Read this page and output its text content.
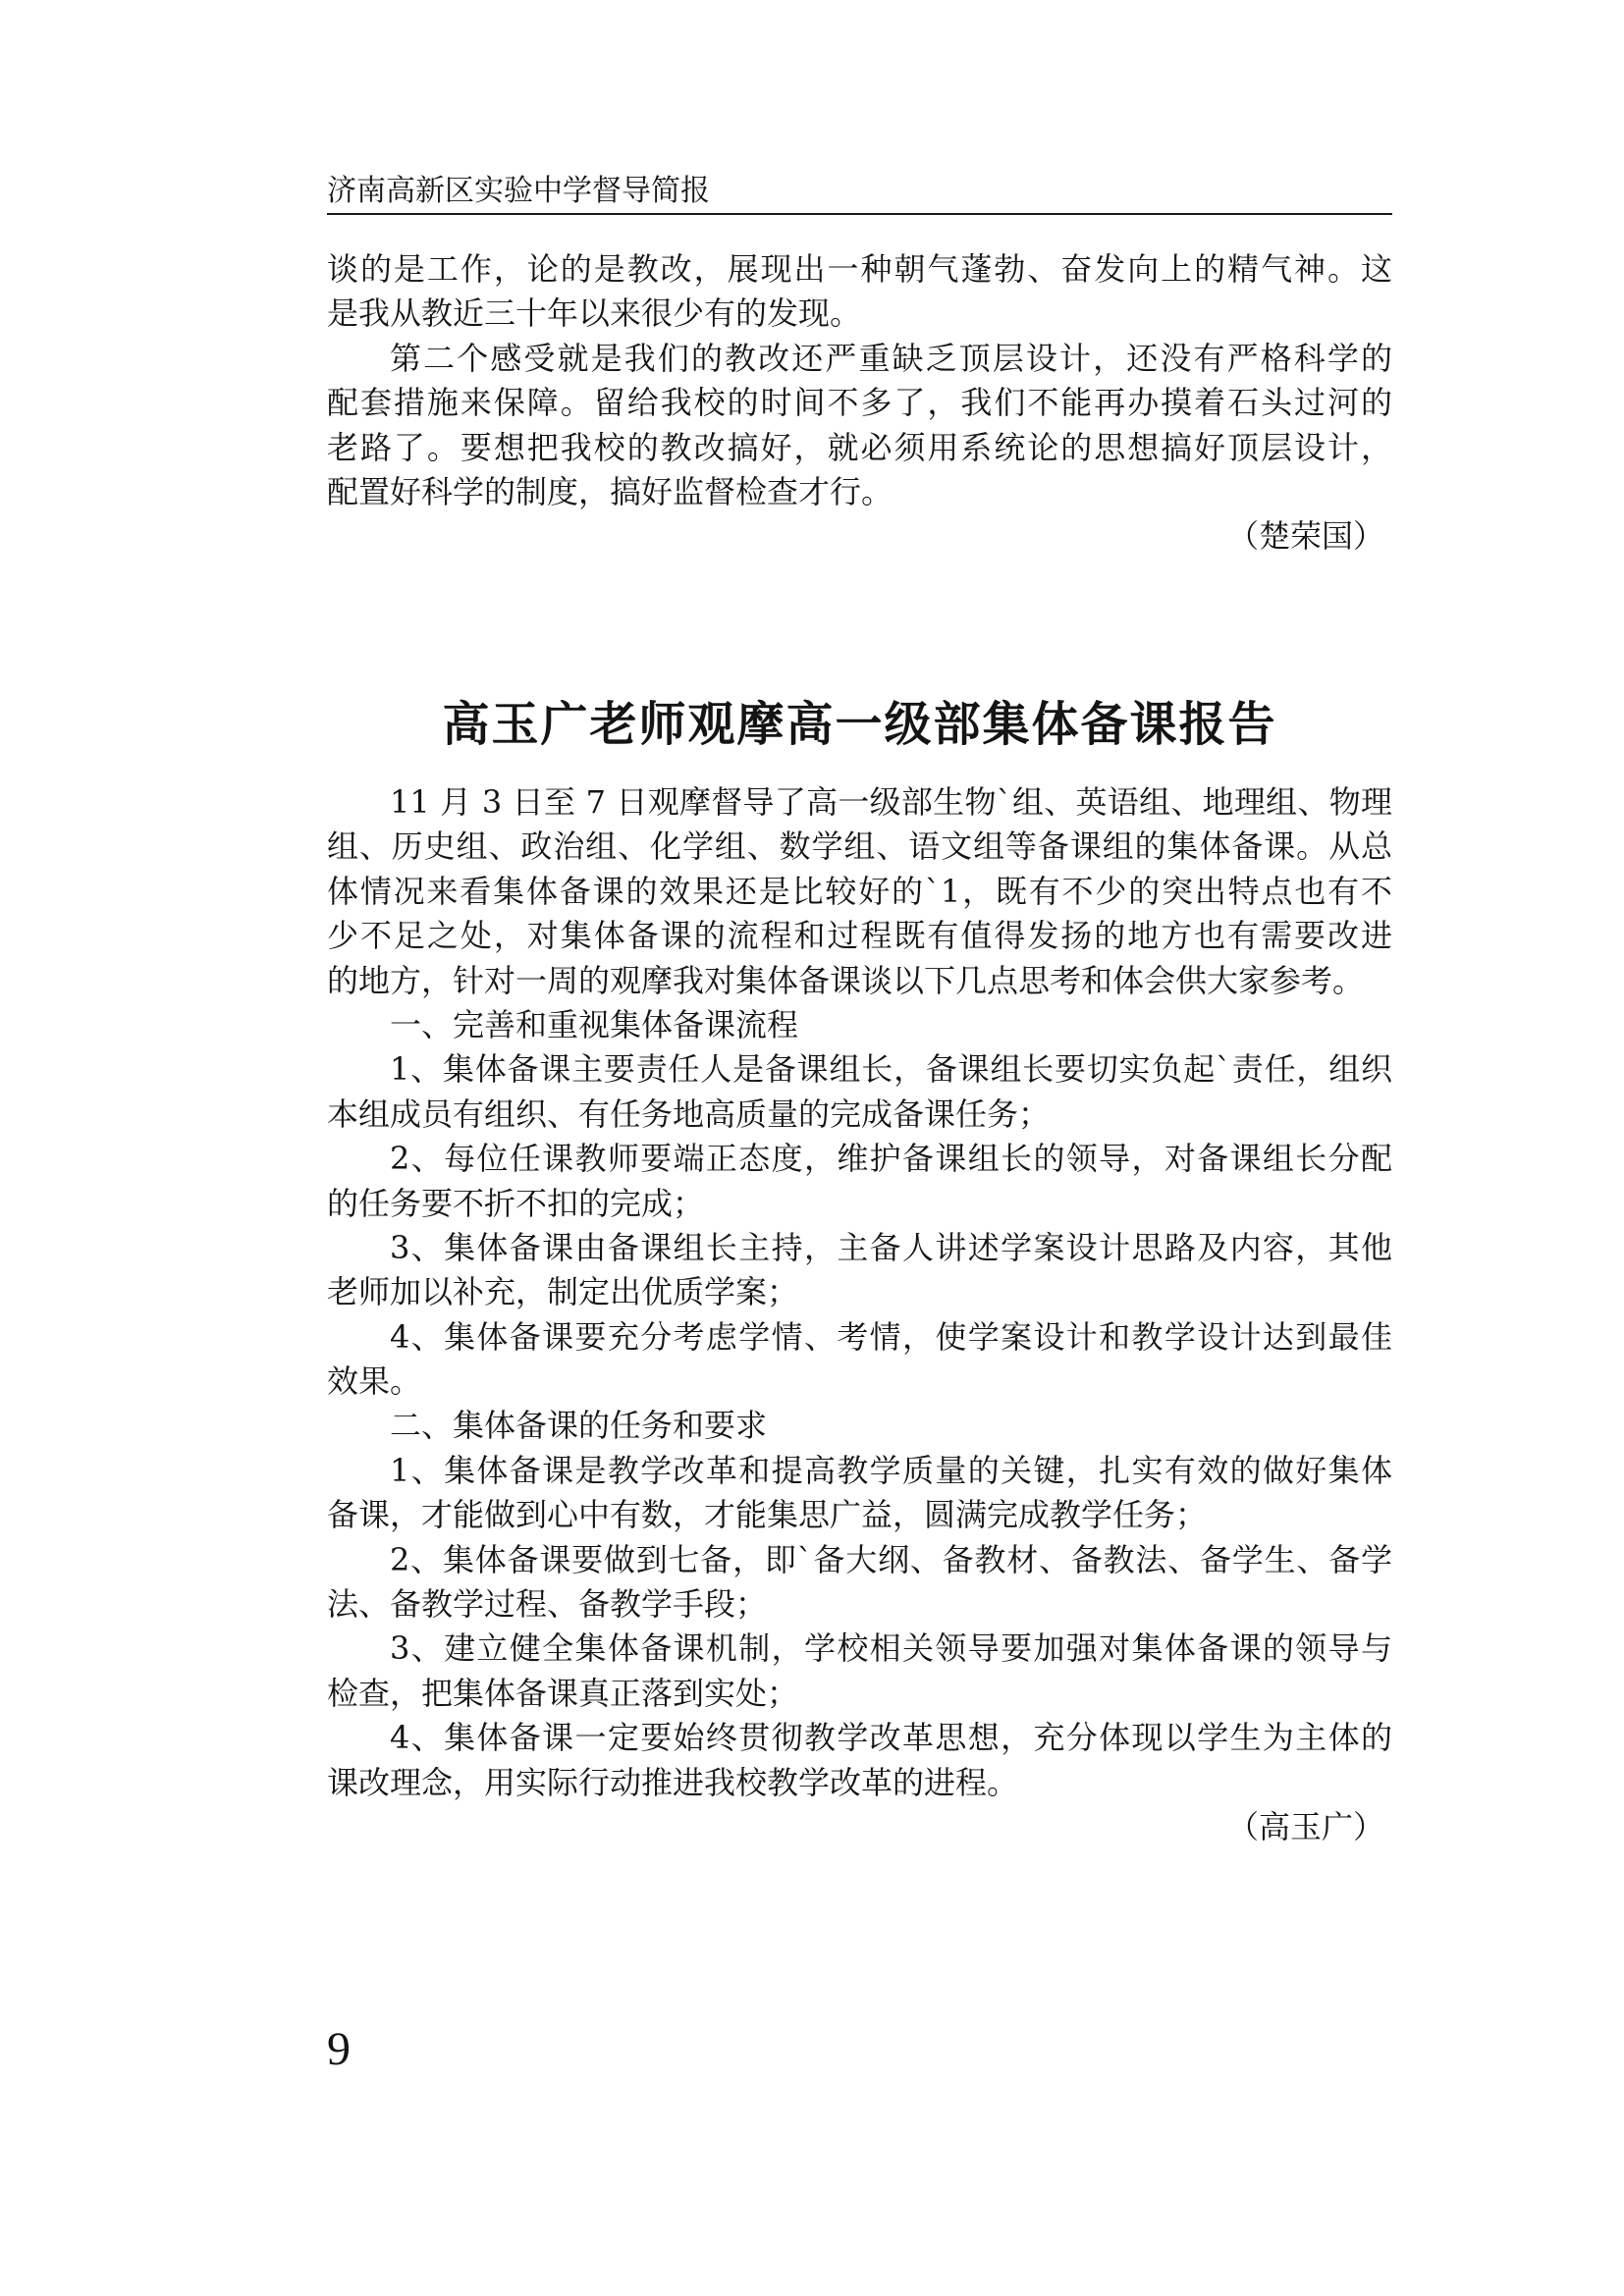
济南高新区实验中学督导简报
谈的是工作，论的是教改，展现出一种朝气蓬勃、奋发向上的精气神。这
是我从教近三十年以来很少有的发现。
第二个感受就是我们的教改还严重缺乏顶层设计，还没有严格科学的
配套措施来保障。留给我校的时间不多了，我们不能再办摸着石头过河的
老路了。要想把我校的教改搞好，就必须用系统论的思想搞好顶层设计，
配置好科学的制度，搞好监督检查才行。
（楚荣国）
高玉广老师观摩高一级部集体备课报告
11 月 3 日至 7 日观摩督导了高一级部生物`组、英语组、地理组、物理
组、历史组、政治组、化学组、数学组、语文组等备课组的集体备课。从总
体情况来看集体备课的效果还是比较好的`1，既有不少的突出特点也有不
少不足之处，对集体备课的流程和过程既有值得发扬的地方也有需要改进
的地方，针对一周的观摩我对集体备课谈以下几点思考和体会供大家参考。
一、完善和重视集体备课流程
1、集体备课主要责任人是备课组长，备课组长要切实负起`责任，组织
本组成员有组织、有任务地高质量的完成备课任务；
2、每位任课教师要端正态度，维护备课组长的领导，对备课组长分配
的任务要不折不扣的完成；
3、集体备课由备课组长主持，主备人讲述学案设计思路及内容，其他
老师加以补充，制定出优质学案；
4、集体备课要充分考虑学情、考情，使学案设计和教学设计达到最佳
效果。
二、集体备课的任务和要求
1、集体备课是教学改革和提高教学质量的关键，扎实有效的做好集体
备课，才能做到心中有数，才能集思广益，圆满完成教学任务；
2、集体备课要做到七备，即`备大纲、备教材、备教法、备学生、备学
法、备教学过程、备教学手段；
3、建立健全集体备课机制，学校相关领导要加强对集体备课的领导与
检查，把集体备课真正落到实处；
4、集体备课一定要始终贯彻教学改革思想，充分体现以学生为主体的
课改理念，用实际行动推进我校教学改革的进程。
（高玉广）
9
